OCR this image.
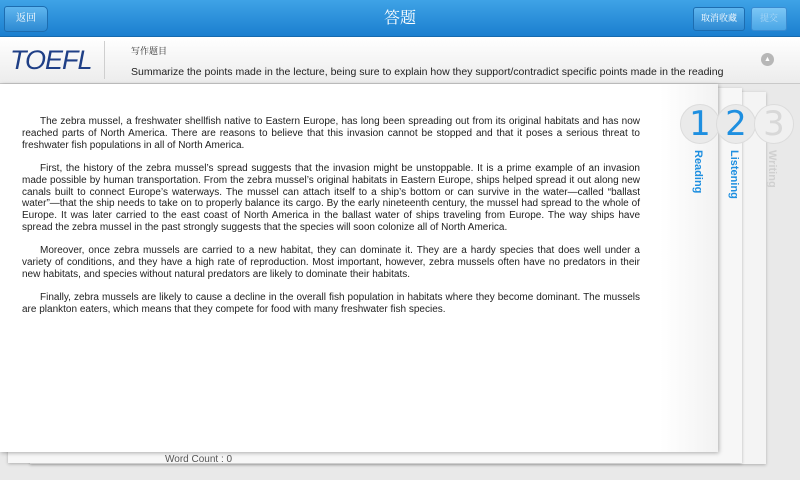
返回	答题	取消收藏	提交
TOEFL	写作题目
Summarize the points made in the lecture, being sure to explain how they support/contradict specific points made in the reading
▲
Word Count : 0

The zebra mussel, a freshwater shellfish native to Eastern Europe, has long been spreading out from its original habitats and has now reached parts of North America. There are reasons to believe that this invasion cannot be stopped and that it poses a serious threat to freshwater fish populations in all of North America.

First, the history of the zebra mussel’s spread suggests that the invasion might be unstoppable. It is a prime example of an invasion made possible by human transportation. From the zebra mussel’s original habitats in Eastern Europe, ships helped spread it out along new canals built to connect Europe’s waterways. The mussel can attach itself to a ship’s bottom or can survive in the water—called “ballast water”—that the ship needs to take on to properly balance its cargo. By the early nineteenth century, the mussel had spread to the whole of Europe. It was later carried to the east coast of North America in the ballast water of ships traveling from Europe. The way ships have spread the zebra mussel in the past strongly suggests that the species will soon colonize all of North America.

Moreover, once zebra mussels are carried to a new habitat, they can dominate it. They are a hardy species that does well under a variety of conditions, and they have a high rate of reproduction. Most important, however, zebra mussels often have no predators in their new habitats, and species without natural predators are likely to dominate their habitats.

Finally, zebra mussels are likely to cause a decline in the overall fish population in habitats where they become dominant. The mussels are plankton eaters, which means that they compete for food with many freshwater fish species.

1
Reading
2
Listening
3
Writing
